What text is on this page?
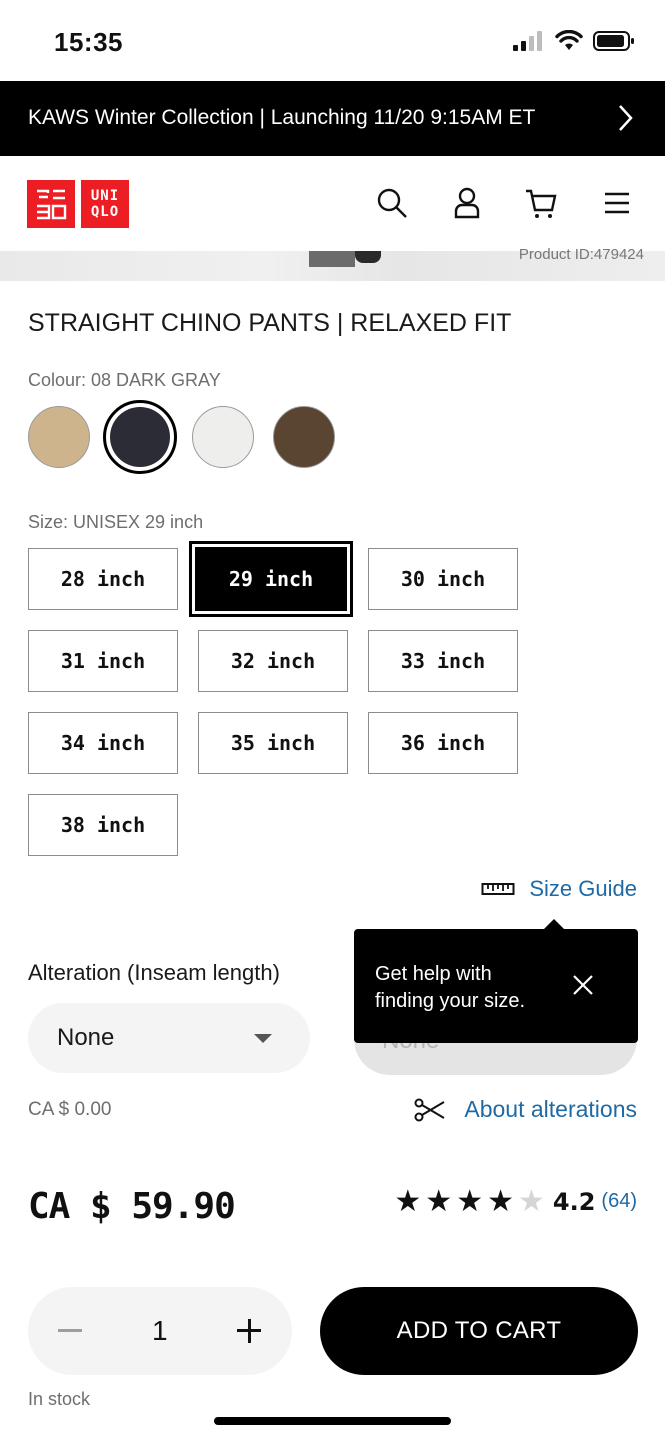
15:35
KAWS Winter Collection | Launching 11/20 9:15AM ET
UNI
QLO
Product ID:479424
STRAIGHT CHINO PANTS | RELAXED FIT
Colour: 08 DARK GRAY
Size: UNISEX 29 inch
28 inch	29 inch	30 inch
31 inch	32 inch	33 inch
34 inch	35 inch	36 inch
38 inch
Size Guide
Alteration (Inseam length)
None
Get help with finding your size.
CA $ 0.00	About alterations
CA $ 59.90	★ ★ ★ ★ ★ 4.2 (64)
1	ADD TO CART
In stock
